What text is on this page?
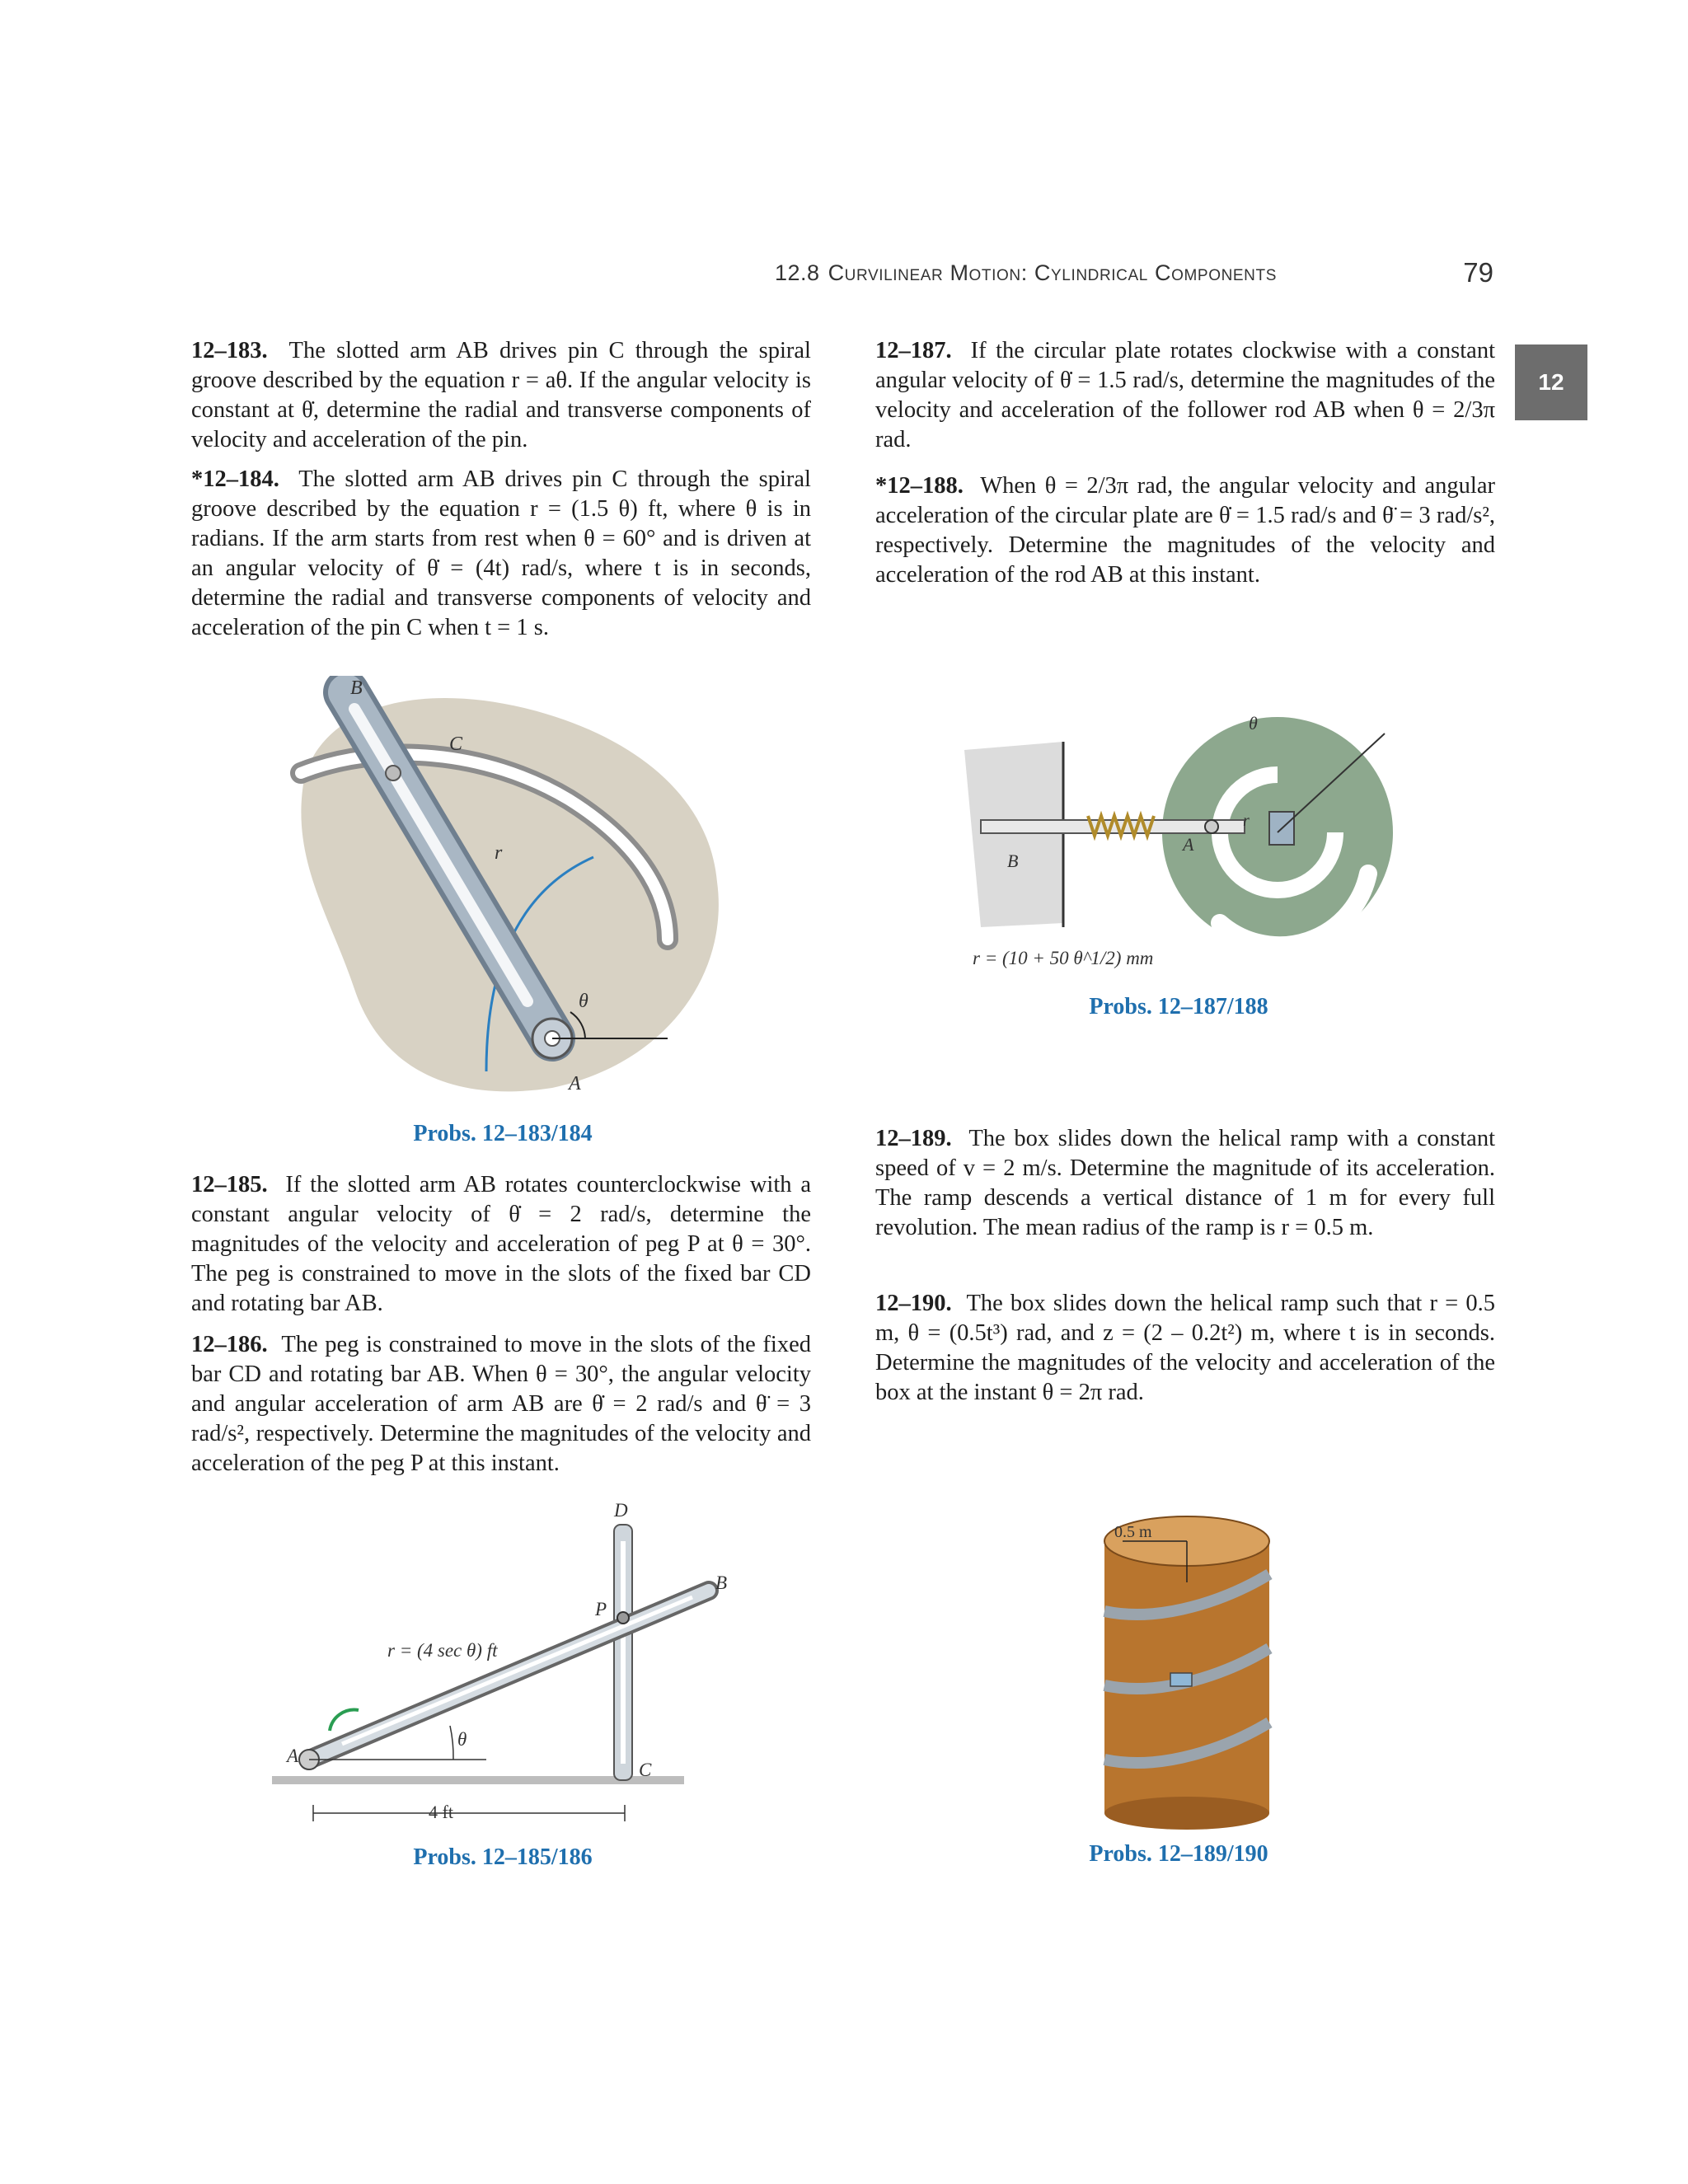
12.8 Curvilinear Motion: Cylindrical Components	79
12

12–183. The slotted arm AB drives pin C through the spiral groove described by the equation r = aθ. If the angular velocity is constant at θ̇, determine the radial and transverse components of velocity and acceleration of the pin.

*12–184. The slotted arm AB drives pin C through the spiral groove described by the equation r = (1.5 θ) ft, where θ is in radians. If the arm starts from rest when θ = 60° and is driven at an angular velocity of θ̇ = (4t) rad/s, where t is in seconds, determine the radial and transverse components of velocity and acceleration of the pin C when t = 1 s.

12–187. If the circular plate rotates clockwise with a constant angular velocity of θ̇ = 1.5 rad/s, determine the magnitudes of the velocity and acceleration of the follower rod AB when θ = 2/3π rad.

*12–188. When θ = 2/3π rad, the angular velocity and angular acceleration of the circular plate are θ̇ = 1.5 rad/s and θ̈ = 3 rad/s², respectively. Determine the magnitudes of the velocity and acceleration of the rod AB at this instant.

B
C
r
θ
A
Probs. 12–183/184
θ
B
A
r
r = (10 + 50 θ^1/2) mm
Probs. 12–187/188

12–185. If the slotted arm AB rotates counterclockwise with a constant angular velocity of θ̇ = 2 rad/s, determine the magnitudes of the velocity and acceleration of peg P at θ = 30°. The peg is constrained to move in the slots of the fixed bar CD and rotating bar AB.

12–186. The peg is constrained to move in the slots of the fixed bar CD and rotating bar AB. When θ = 30°, the angular velocity and angular acceleration of arm AB are θ̇ = 2 rad/s and θ̈ = 3 rad/s², respectively. Determine the magnitudes of the velocity and acceleration of the peg P at this instant.

12–189. The box slides down the helical ramp with a constant speed of v = 2 m/s. Determine the magnitude of its acceleration. The ramp descends a vertical distance of 1 m for every full revolution. The mean radius of the ramp is r = 0.5 m.

12–190. The box slides down the helical ramp such that r = 0.5 m, θ = (0.5t³) rad, and z = (2 – 0.2t²) m, where t is in seconds. Determine the magnitudes of the velocity and acceleration of the box at the instant θ = 2π rad.

D
B
P
A
C
θ
r = (4 sec θ) ft
4 ft
Probs. 12–185/186
0.5 m
Probs. 12–189/190
